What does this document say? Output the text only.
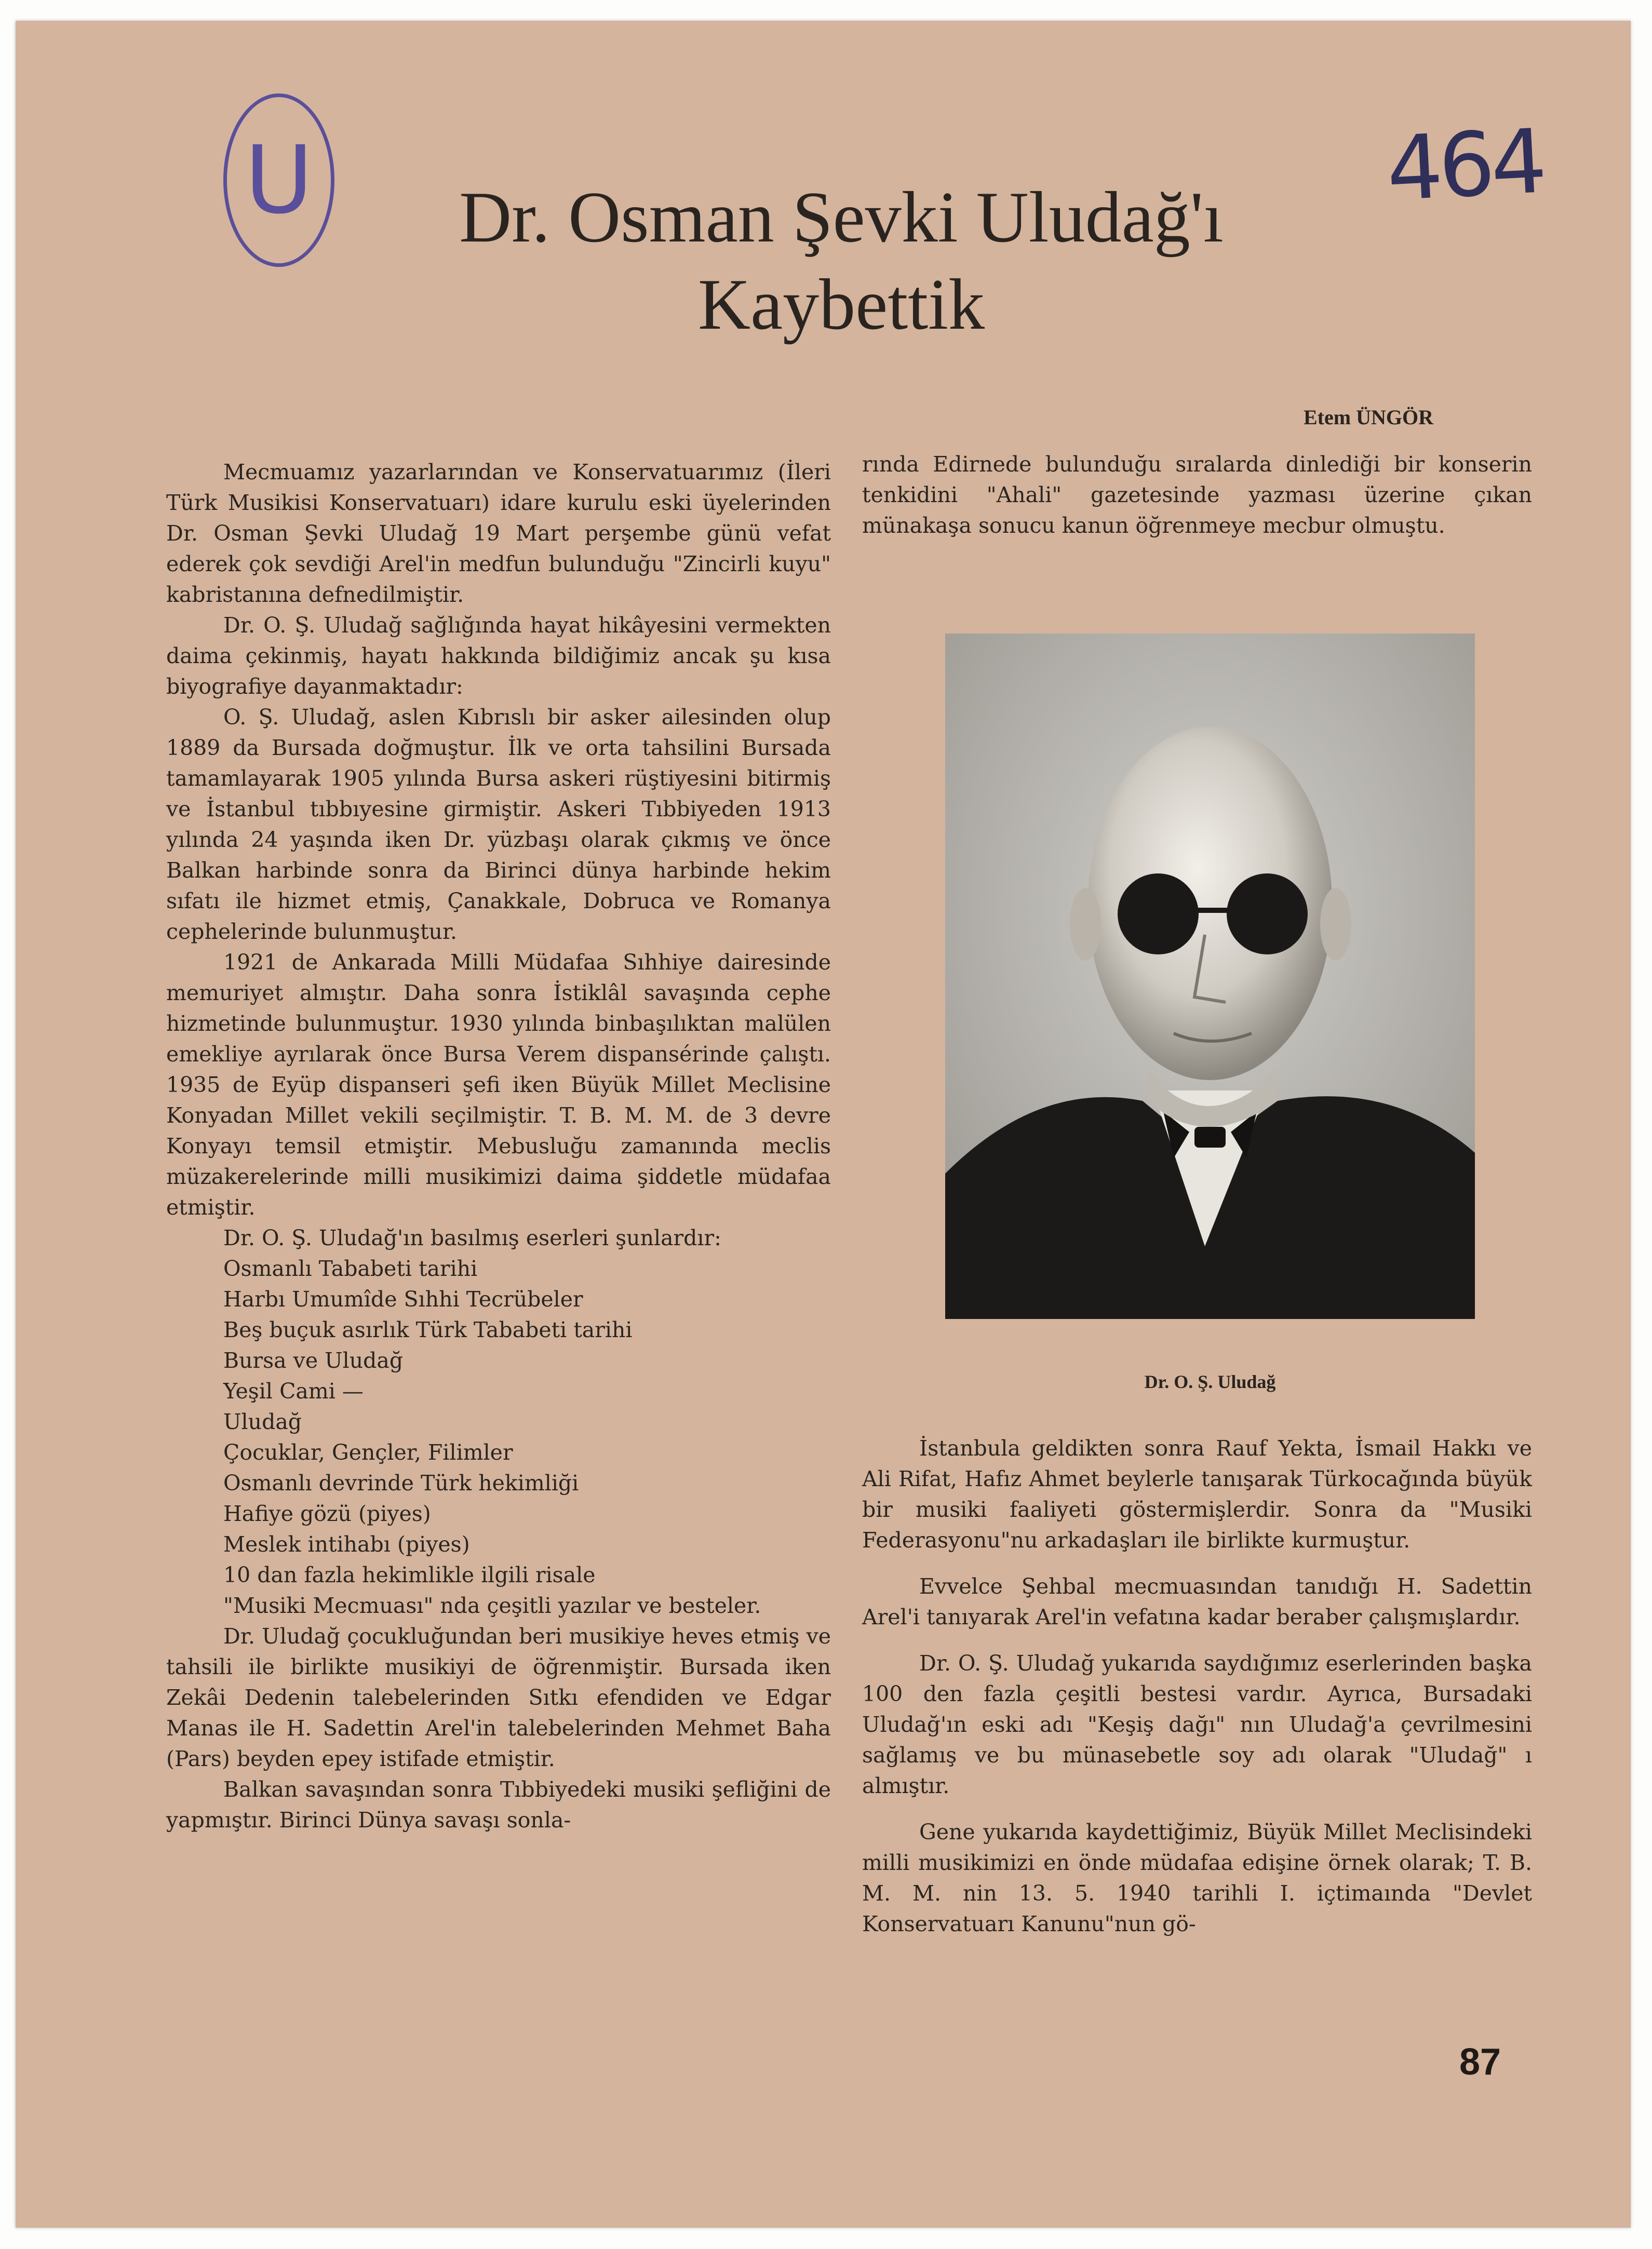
U	464
Dr. Osman Şevki Uludağ'ı
Kaybettik
Etem ÜNGÖR

Mecmuamız yazarlarından ve Konservatuarımız (İleri Türk Musikisi Konservatuarı) idare kurulu eski üyelerinden Dr. Osman Şevki Uludağ 19 Mart perşembe günü vefat ederek çok sevdiği Arel'in medfun bulunduğu "Zincirli kuyu" kabristanına defnedilmiştir.

Dr. O. Ş. Uludağ sağlığında hayat hikâyesini vermekten daima çekinmiş, hayatı hakkında bildiğimiz ancak şu kısa biyografiye dayanmaktadır:

O. Ş. Uludağ, aslen Kıbrıslı bir asker ailesinden olup 1889 da Bursada doğmuştur. İlk ve orta tahsilini Bursada tamamlayarak 1905 yılında Bursa askeri rüştiyesini bitirmiş ve İstanbul tıbbıyesine girmiştir. Askeri Tıbbiyeden 1913 yılında 24 yaşında iken Dr. yüzbaşı olarak çıkmış ve önce Balkan harbinde sonra da Birinci dünya harbinde hekim sıfatı ile hizmet etmiş, Çanakkale, Dobruca ve Romanya cephelerinde bulunmuştur.

1921 de Ankarada Milli Müdafaa Sıhhiye dairesinde memuriyet almıştır. Daha sonra İstiklâl savaşında cephe hizmetinde bulunmuştur. 1930 yılında binbaşılıktan malülen emekliye ayrılarak önce Bursa Verem dispansérinde çalıştı. 1935 de Eyüp dispanseri şefi iken Büyük Millet Meclisine Konyadan Millet vekili seçilmiştir. T. B. M. M. de 3 devre Konyayı temsil etmiştir. Mebusluğu zamanında meclis müzakerelerinde milli musikimizi daima şiddetle müdafaa etmiştir.

Dr. O. Ş. Uludağ'ın basılmış eserleri şunlardır:

Osmanlı Tababeti tarihi
Harbı Umumîde Sıhhi Tecrübeler
Beş buçuk asırlık Türk Tababeti tarihi
Bursa ve Uludağ
Yeşil Cami —
Uludağ
Çocuklar, Gençler, Filimler
Osmanlı devrinde Türk hekimliği
Hafiye gözü (piyes)
Meslek intihabı (piyes)
10 dan fazla hekimlikle ilgili risale
"Musiki Mecmuası" nda çeşitli yazılar ve besteler.

Dr. Uludağ çocukluğundan beri musikiye heves etmiş ve tahsili ile birlikte musikiyi de öğrenmiştir. Bursada iken Zekâi Dedenin talebelerinden Sıtkı efendiden ve Edgar Manas ile H. Sadettin Arel'in talebelerinden Mehmet Baha (Pars) beyden epey istifade etmiştir.

Balkan savaşından sonra Tıbbiyedeki musiki şefliğini de yapmıştır. Birinci Dünya savaşı sonla-

rında Edirnede bulunduğu sıralarda dinlediği bir konserin tenkidini "Ahali" gazetesinde yazması üzerine çıkan münakaşa sonucu kanun öğrenmeye mecbur olmuştu.

Dr. O. Ş. Uludağ

İstanbula geldikten sonra Rauf Yekta, İsmail Hakkı ve Ali Rifat, Hafız Ahmet beylerle tanışarak Türkocağında büyük bir musiki faaliyeti göstermişlerdir. Sonra da "Musiki Federasyonu"nu arkadaşları ile birlikte kurmuştur.

Evvelce Şehbal mecmuasından tanıdığı H. Sadettin Arel'i tanıyarak Arel'in vefatına kadar beraber çalışmışlardır.

Dr. O. Ş. Uludağ yukarıda saydığımız eserlerinden başka 100 den fazla çeşitli bestesi vardır. Ayrıca, Bursadaki Uludağ'ın eski adı "Keşiş dağı" nın Uludağ'a çevrilmesini sağlamış ve bu münasebetle soy adı olarak "Uludağ" ı almıştır.

Gene yukarıda kaydettiğimiz, Büyük Millet Meclisindeki milli musikimizi en önde müdafaa edişine örnek olarak; T. B. M. M. nin 13. 5. 1940 tarihli I. içtimaında "Devlet Konservatuarı Kanunu"nun gö-

87
